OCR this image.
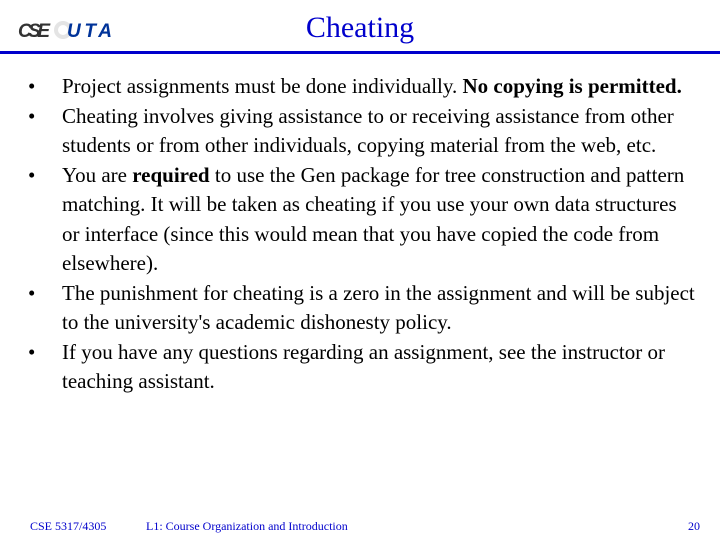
CSE UTA	Cheating
• Project assignments must be done individually. No copying is permitted.
• Cheating involves giving assistance to or receiving assistance from other students or from other individuals, copying material from the web, etc.
• You are required to use the Gen package for tree construction and pattern matching. It will be taken as cheating if you use your own data structures or interface (since this would mean that you have copied the code from elsewhere).
• The punishment for cheating is a zero in the assignment and will be subject to the university's academic dishonesty policy.
• If you have any questions regarding an assignment, see the instructor or teaching assistant.
CSE 5317/4305	L1: Course Organization and Introduction	20
